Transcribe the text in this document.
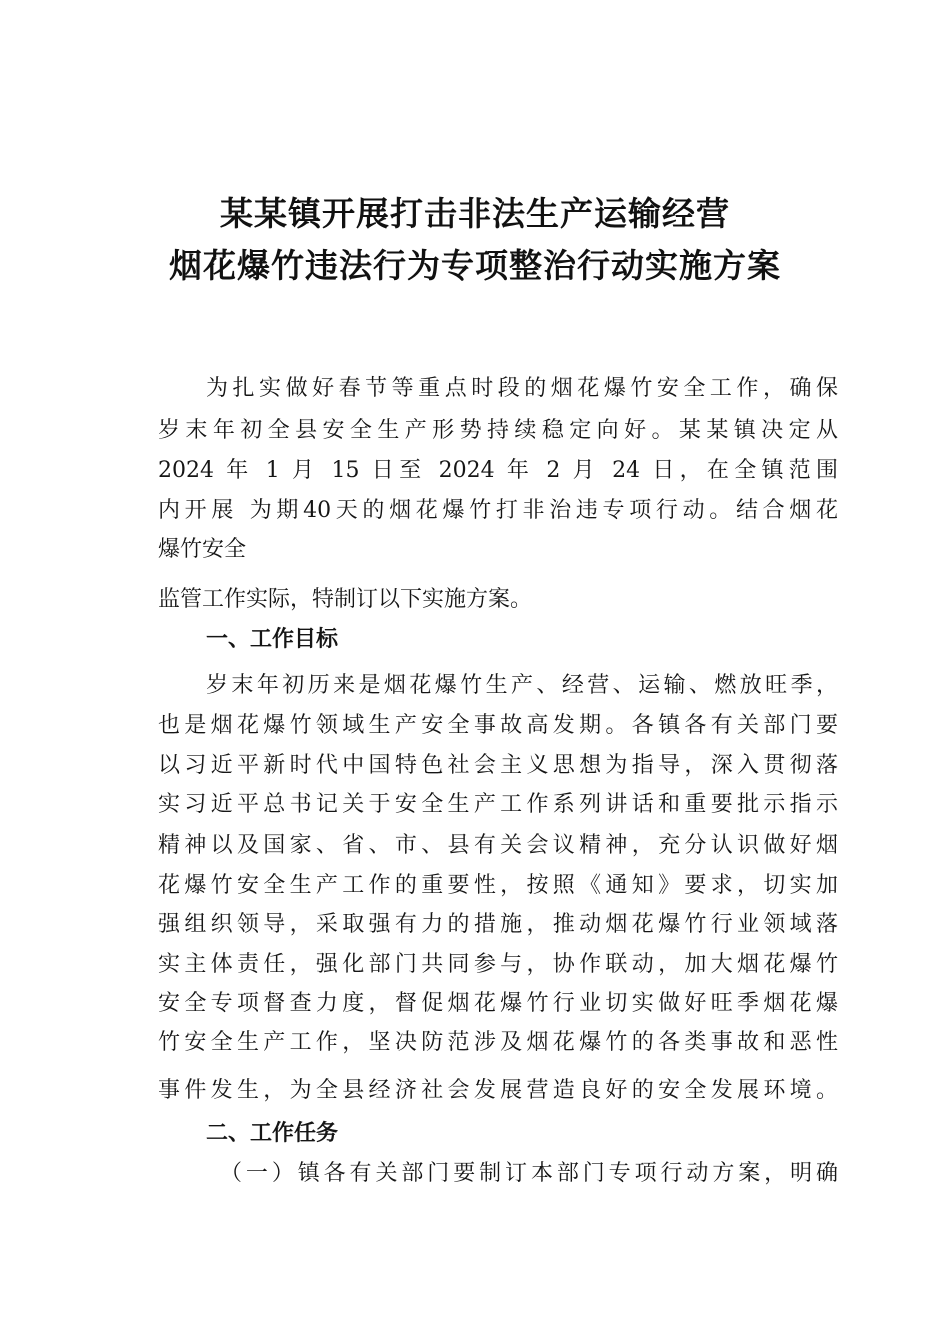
某某镇开展打击非法生产运输经营
烟花爆竹违法行为专项整治行动实施方案
为扎实做好春节等重点时段的烟花爆竹安全工作，确保
岁末年初全县安全生产形势持续稳定向好。某某镇决定从
2024 年 1 月 15 日至 2024 年 2 月 24 日，在全镇范围
内开展 为期40天的烟花爆竹打非治违专项行动。结合烟花
爆竹安全
监管工作实际，特制订以下实施方案。
一、工作目标
岁末年初历来是烟花爆竹生产、经营、运输、燃放旺季，
也是烟花爆竹领域生产安全事故高发期。各镇各有关部门要
以习近平新时代中国特色社会主义思想为指导，深入贯彻落
实习近平总书记关于安全生产工作系列讲话和重要批示指示
精神以及国家、省、市、县有关会议精神，充分认识做好烟
花爆竹安全生产工作的重要性，按照《通知》要求，切实加
强组织领导，采取强有力的措施，推动烟花爆竹行业领域落
实主体责任，强化部门共同参与，协作联动，加大烟花爆竹
安全专项督查力度，督促烟花爆竹行业切实做好旺季烟花爆
竹安全生产工作，坚决防范涉及烟花爆竹的各类事故和恶性
事件发生，为全县经济社会发展营造良好的安全发展环境。
二、工作任务
（一）镇各有关部门要制订本部门专项行动方案，明确
